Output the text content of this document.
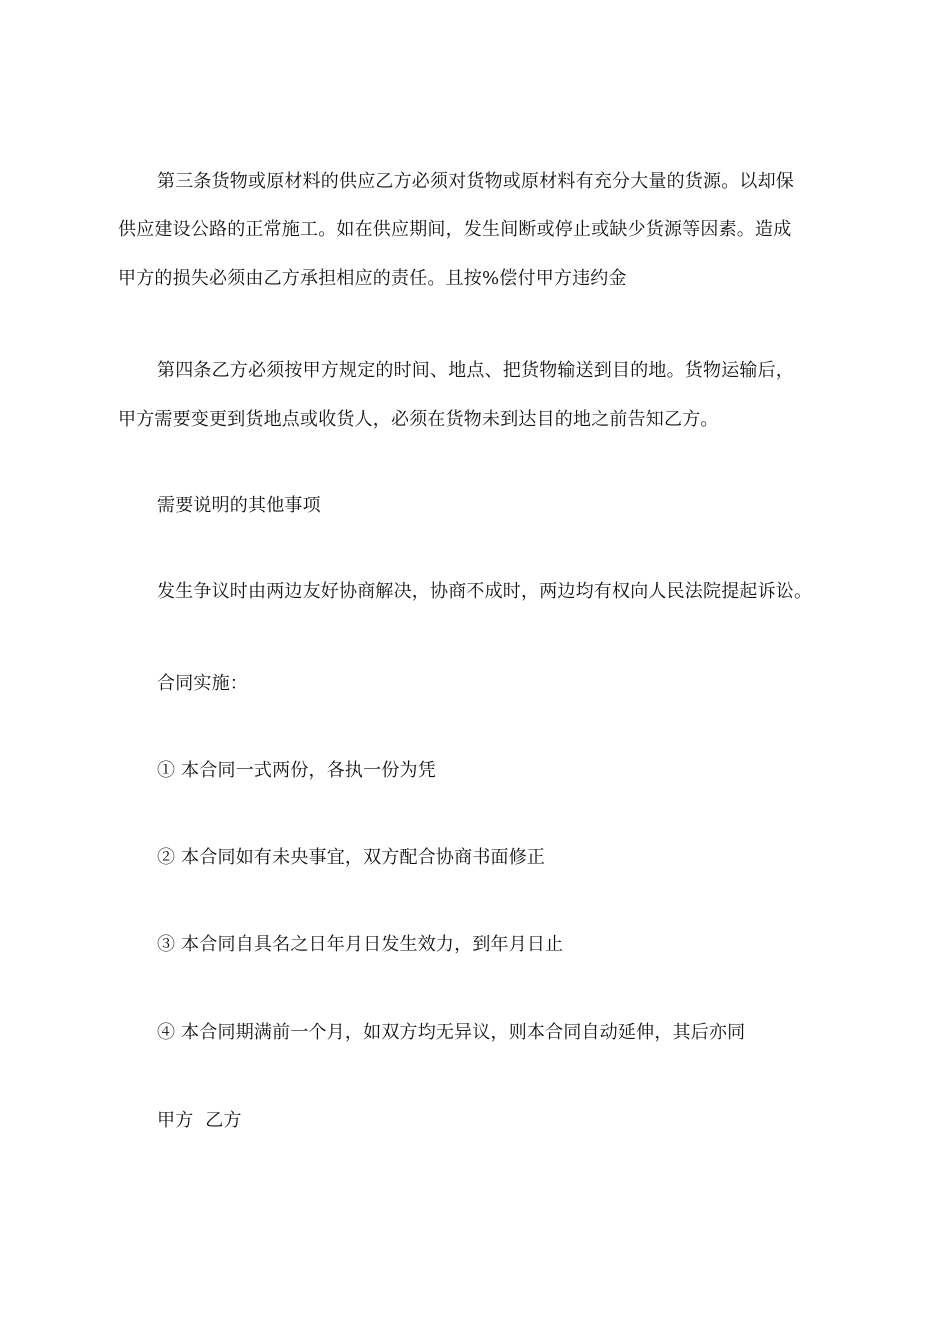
第三条货物或原材料的供应乙方必须对货物或原材料有充分大量的货源。以却保
供应建设公路的正常施工。如在供应期间，发生间断或停止或缺少货源等因素。造成
甲方的损失必须由乙方承担相应的责任。且按%偿付甲方违约金
第四条乙方必须按甲方规定的时间、地点、把货物输送到目的地。货物运输后，
甲方需要变更到货地点或收货人，必须在货物未到达目的地之前告知乙方。
需要说明的其他事项
发生争议时由两边友好协商解决，协商不成时，两边均有权向人民法院提起诉讼。
合同实施：
① 本合同一式两份，各执一份为凭
② 本合同如有未央事宜，双方配合协商书面修正
③ 本合同自具名之日年月日发生效力，到年月日止
④ 本合同期满前一个月，如双方均无异议，则本合同自动延伸，其后亦同
甲方  乙方
